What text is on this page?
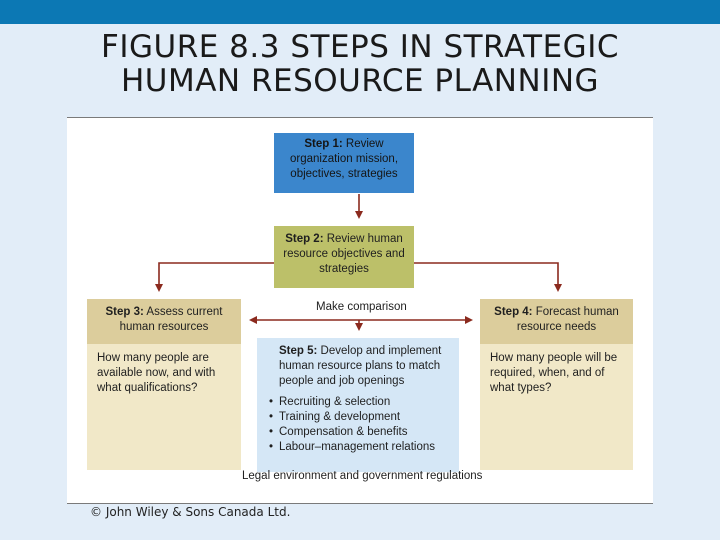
FIGURE 8.3 STEPS IN STRATEGIC
HUMAN RESOURCE PLANNING
Step 1: Review organization mission, objectives, strategies
Step 2: Review human resource objectives and strategies
Step 3: Assess current human resources
How many people are available now, and with what qualifications?
Step 4: Forecast human resource needs
How many people will be required, when, and of what types?
Make comparison
Step 5: Develop and implement human resource plans to match people and job openings
• Recruiting & selection
• Training & development
• Compensation & benefits
• Labour–management relations
Legal environment and government regulations
© John Wiley & Sons Canada Ltd.
